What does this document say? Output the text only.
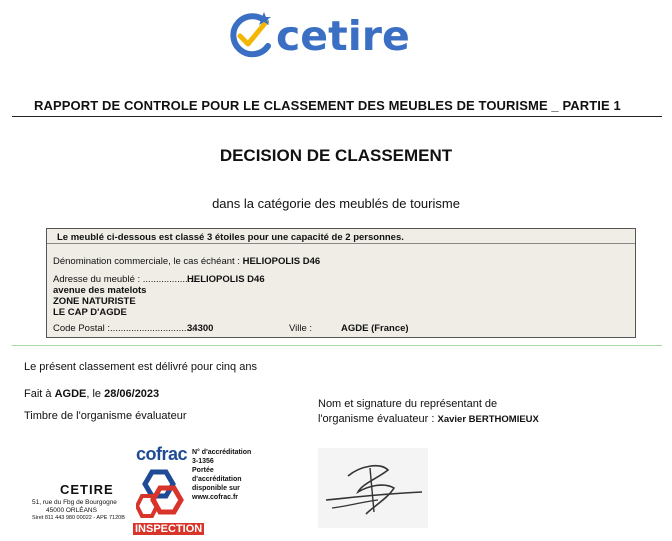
cetire
RAPPORT DE CONTROLE POUR LE CLASSEMENT DES MEUBLES DE TOURISME _ PARTIE 1
DECISION DE CLASSEMENT
dans la catégorie des meublés de tourisme
Le meublé ci-dessous est classé 3 étoiles pour une capacité de 2 personnes.
Dénomination commerciale, le cas échéant : HELIOPOLIS D46
Adresse du meublé : .....................
HELIOPOLIS D46
avenue des matelots
ZONE NATURISTE
LE CAP D'AGDE
Code Postal :................................
34300	Ville :	AGDE (France)
Le présent classement est délivré pour cinq ans
Fait à AGDE, le 28/06/2023
Timbre de l'organisme évaluateur
Nom et signature du représentant de
l'organisme évaluateur : Xavier BERTHOMIEUX
CETIRE
51, rue du Fbg de Bourgogne
45000 ORLÉANS
Siret 811 443 980 00022 - APE 7120B
cofrac
INSPECTION
N° d'accréditation
3-1356
Portée
d'accréditation
disponible sur
www.cofrac.fr
